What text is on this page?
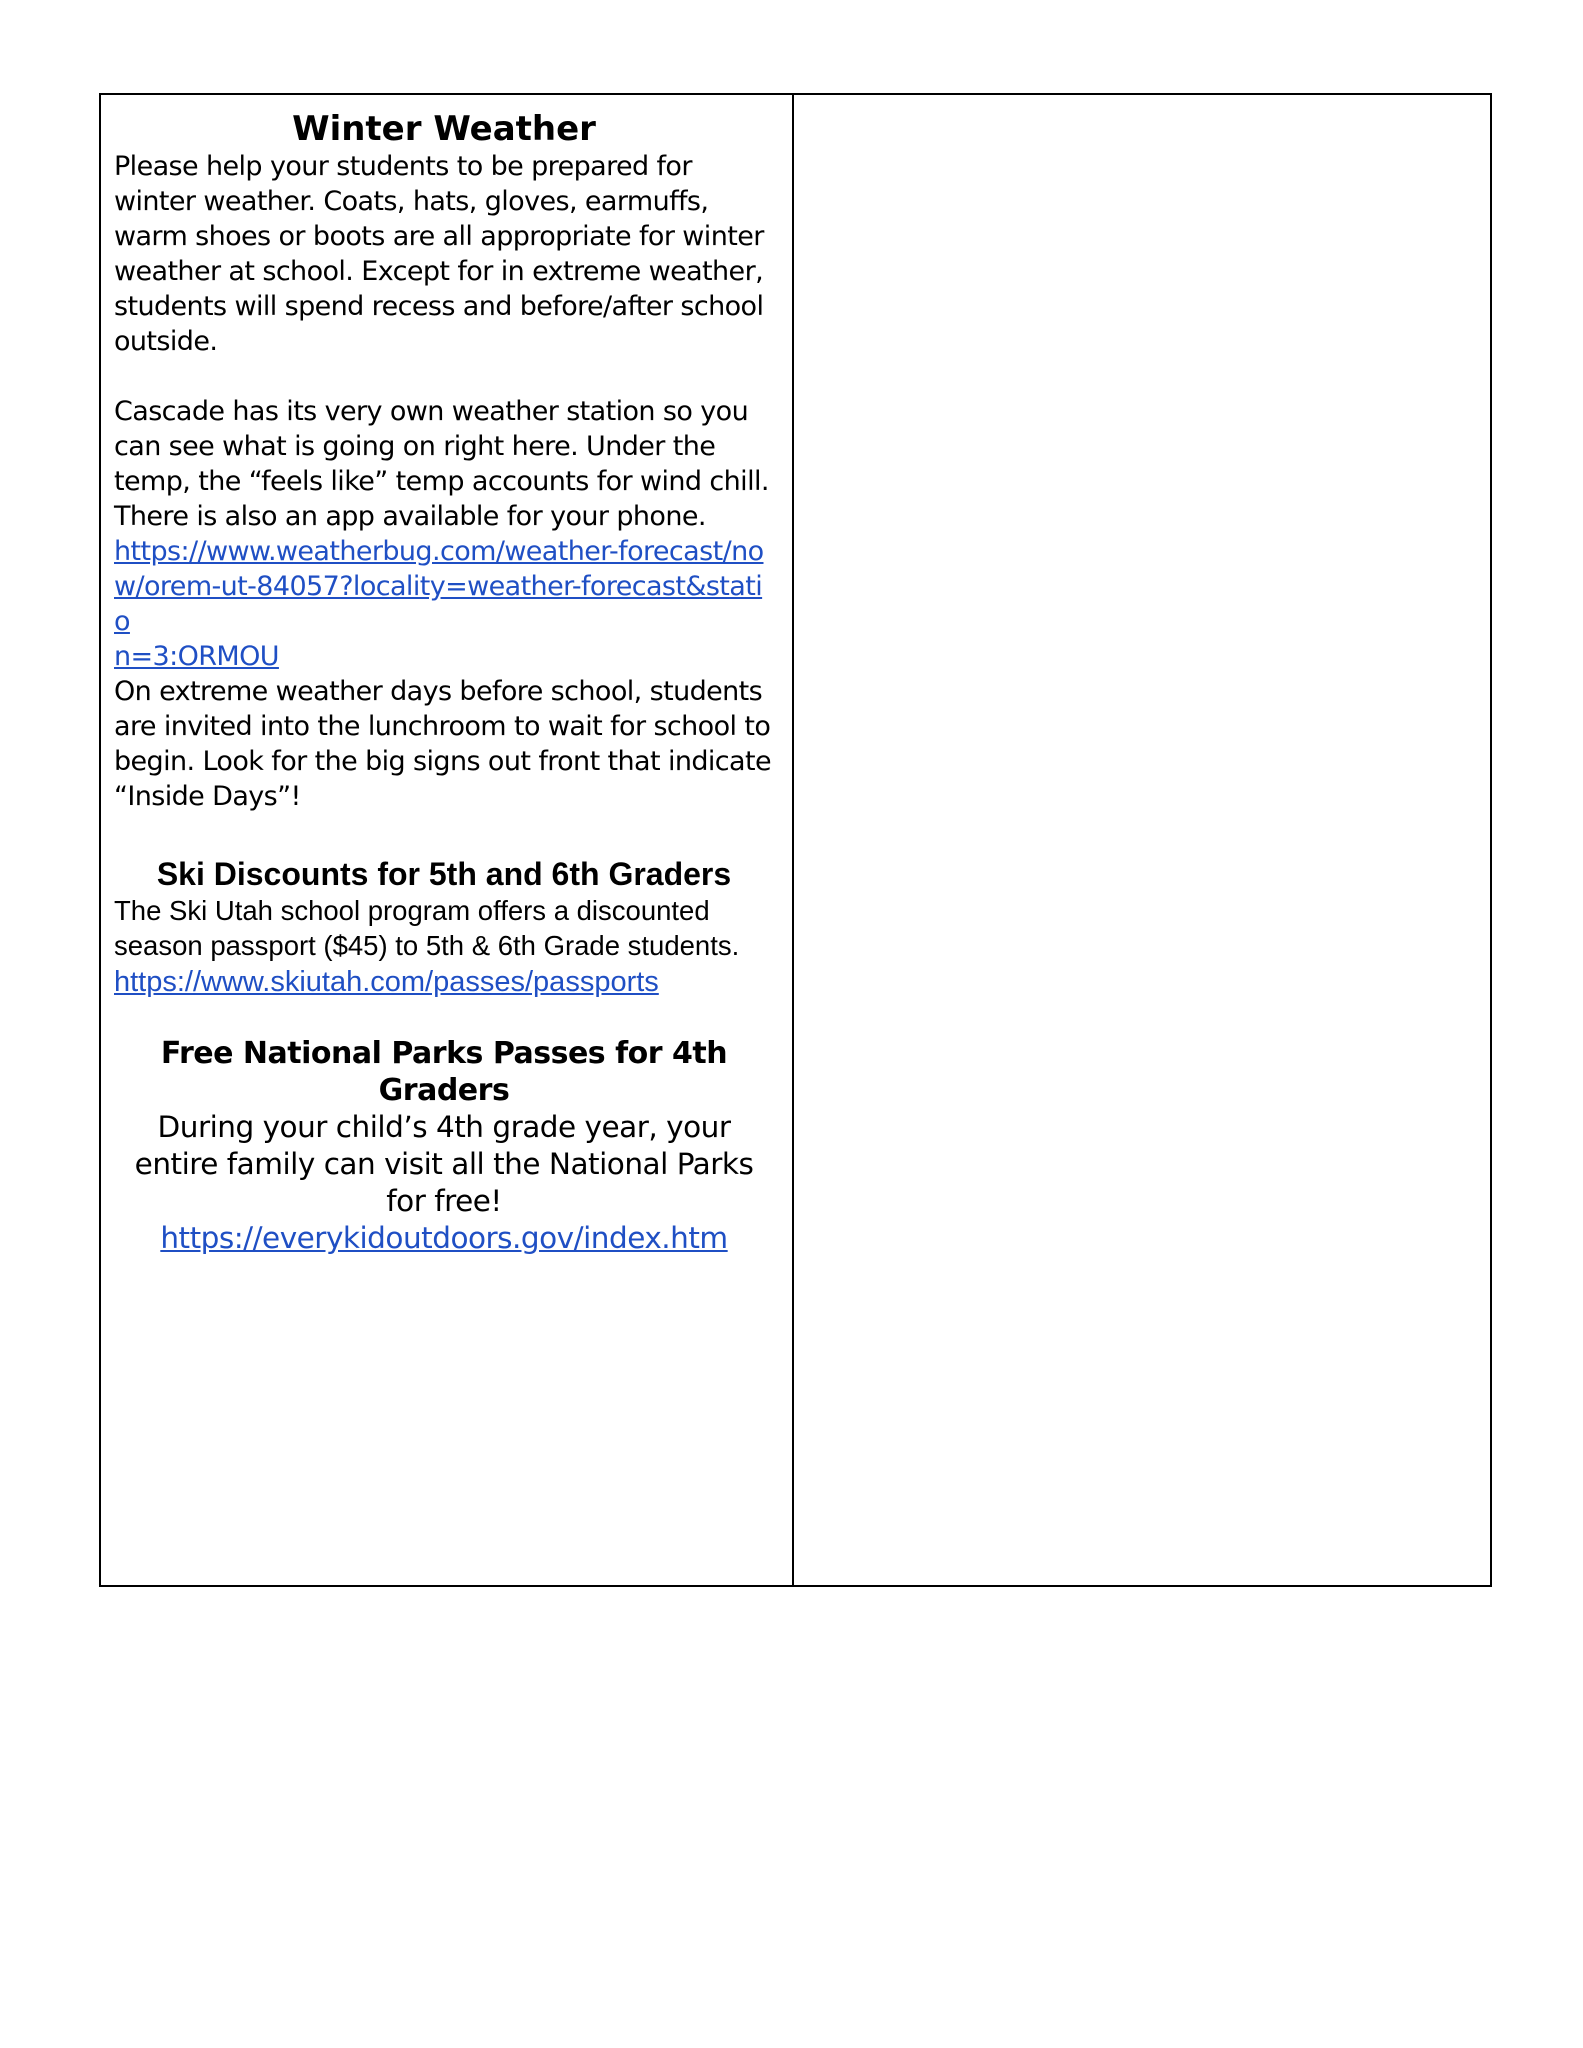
Winter Weather

Please help your students to be prepared for winter weather. Coats, hats, gloves, earmuffs, warm shoes or boots are all appropriate for winter weather at school. Except for in extreme weather, students will spend recess and before/after school outside.

Cascade has its very own weather station so you can see what is going on right here. Under the temp, the “feels like” temp accounts for wind chill. There is also an app available for your phone.

https://www.weatherbug.com/weather-forecast/no
w/orem-ut-84057?locality=weather-forecast&statio
n=3:ORMOU

On extreme weather days before school, students are invited into the lunchroom to wait for school to begin. Look for the big signs out front that indicate “Inside Days”!

Ski Discounts for 5th and 6th Graders

The Ski Utah school program offers a discounted season passport ($45) to 5th & 6th Grade students.

https://www.skiutah.com/passes/passports
Free National Parks Passes for 4th Graders

During your child’s 4th grade year, your entire family can visit all the National Parks for free!

https://everykidoutdoors.gov/index.htm
